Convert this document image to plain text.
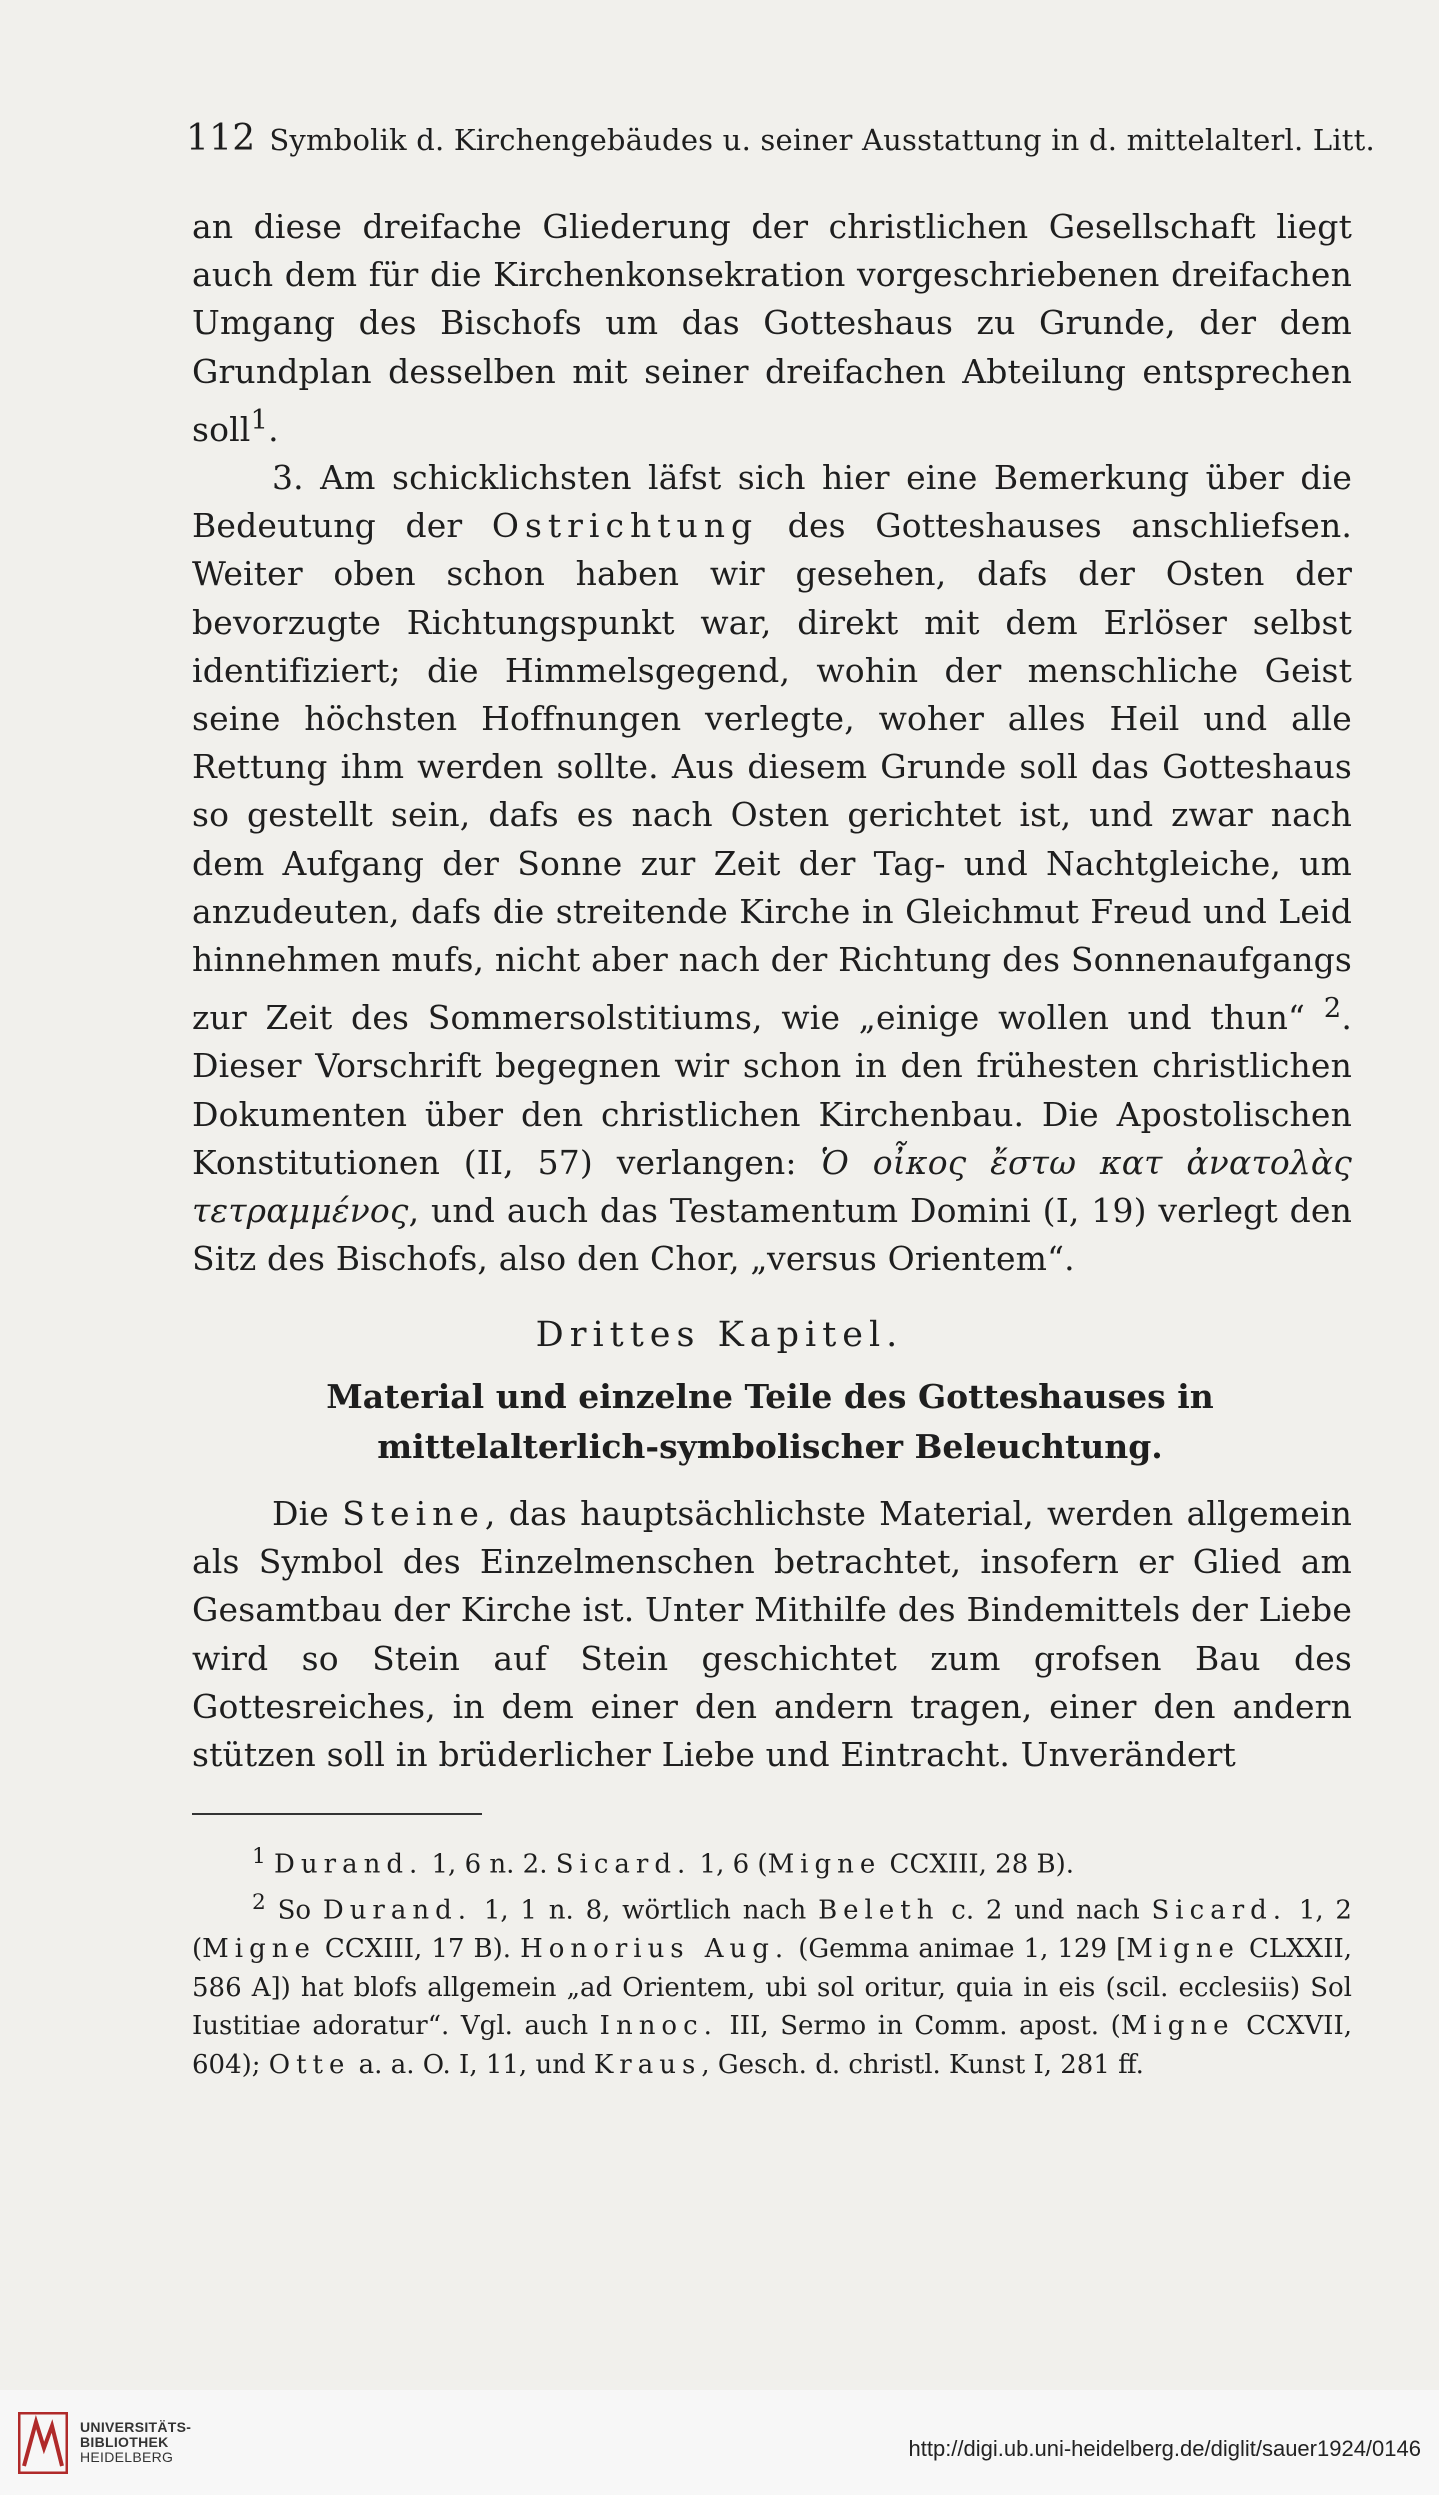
112 Symbolik d. Kirchengebäudes u. seiner Ausstattung in d. mittelalterl. Litt.

an diese dreifache Gliederung der christlichen Gesellschaft liegt auch dem für die Kirchenkonsekration vorgeschriebenen dreifachen Umgang des Bischofs um das Gotteshaus zu Grunde, der dem Grundplan desselben mit seiner dreifachen Abteilung entsprechen soll$^1$.

3. Am schicklichsten läfst sich hier eine Bemerkung über die Bedeutung der Ostrichtung des Gotteshauses anschliefsen. Weiter oben schon haben wir gesehen, dafs der Osten der bevorzugte Richtungspunkt war, direkt mit dem Erlöser selbst identifiziert; die Himmelsgegend, wohin der menschliche Geist seine höchsten Hoffnungen verlegte, woher alles Heil und alle Rettung ihm werden sollte. Aus diesem Grunde soll das Gotteshaus so gestellt sein, dafs es nach Osten gerichtet ist, und zwar nach dem Aufgang der Sonne zur Zeit der Tag- und Nachtgleiche, um anzudeuten, dafs die streitende Kirche in Gleichmut Freud und Leid hinnehmen mufs, nicht aber nach der Richtung des Sonnenaufgangs zur Zeit des Sommersolstitiums, wie „einige wollen und thun“ $^2$. Dieser Vorschrift begegnen wir schon in den frühesten christlichen Dokumenten über den christlichen Kirchenbau. Die Apostolischen Konstitutionen (II, 57) verlangen: Ὁ οἶκος ἔστω κατ ἀνατολὰς τετραμμένος, und auch das Testamentum Domini (I, 19) verlegt den Sitz des Bischofs, also den Chor, „versus Orientem“.

Drittes Kapitel.
Material und einzelne Teile des Gotteshauses in mittelalterlich-symbolischer Beleuchtung.

Die Steine, das hauptsächlichste Material, werden allgemein als Symbol des Einzelmenschen betrachtet, insofern er Glied am Gesamtbau der Kirche ist. Unter Mithilfe des Bindemittels der Liebe wird so Stein auf Stein geschichtet zum grofsen Bau des Gottesreiches, in dem einer den andern tragen, einer den andern stützen soll in brüderlicher Liebe und Eintracht. Unverändert

$^1$ Durand. 1, 6 n. 2. Sicard. 1, 6 (Migne CCXIII, 28 B).

$^2$ So Durand. 1, 1 n. 8, wörtlich nach Beleth c. 2 und nach Sicard. 1, 2 (Migne CCXIII, 17 B). Honorius Aug. (Gemma animae 1, 129 [Migne CLXXII, 586 A]) hat blofs allgemein „ad Orientem, ubi sol oritur, quia in eis (scil. ecclesiis) Sol Iustitiae adoratur“. Vgl. auch Innoc. III, Sermo in Comm. apost. (Migne CCXVII, 604); Otte a. a. O. I, 11, und Kraus, Gesch. d. christl. Kunst I, 281 ff.

UNIVERSITÄTS-
BIBLIOTHEK
HEIDELBERG	http://digi.ub.uni-heidelberg.de/diglit/sauer1924/0146
